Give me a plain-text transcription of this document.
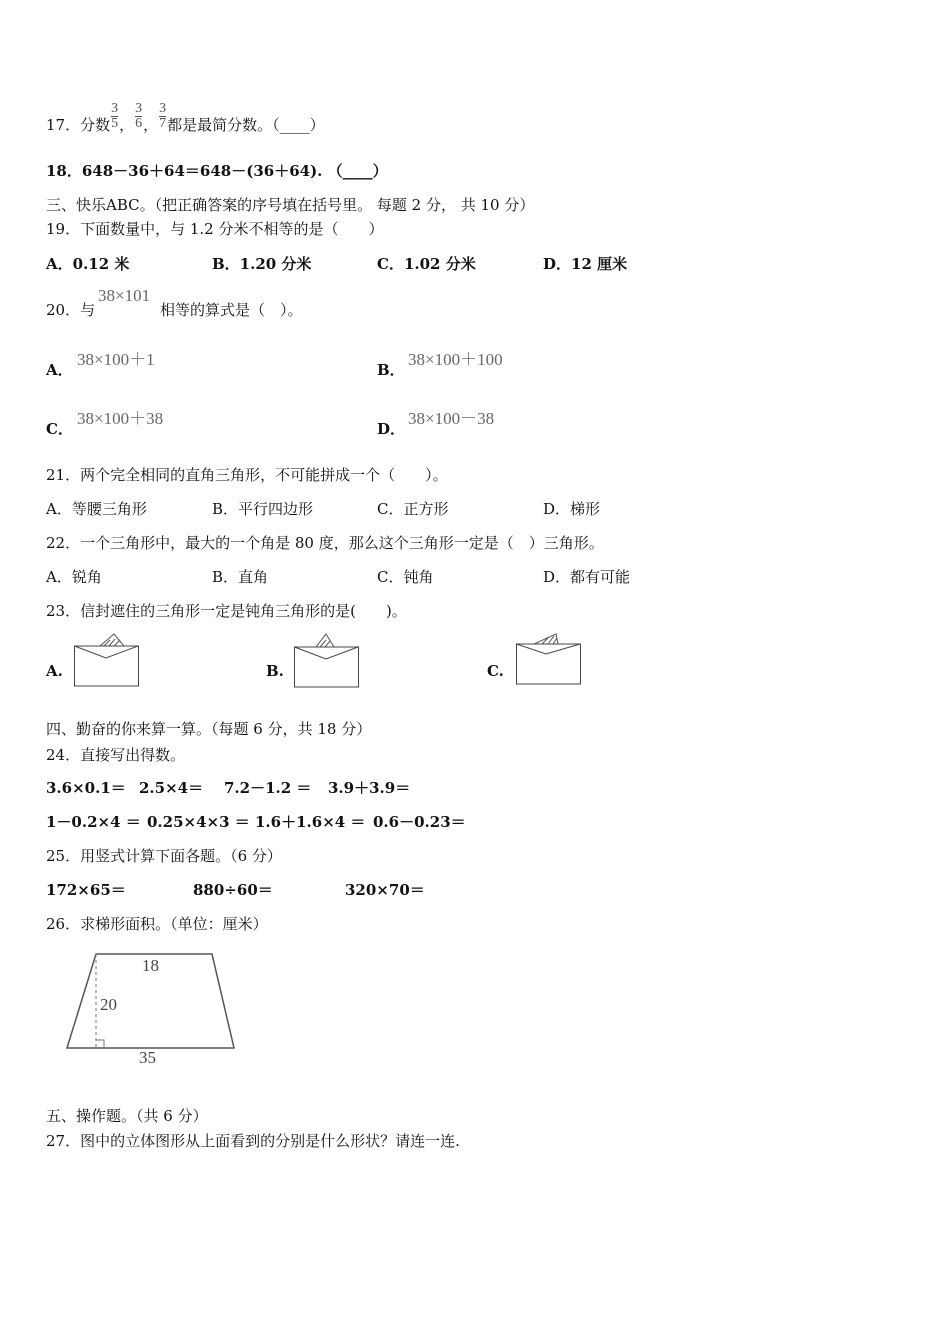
17．分数 $\frac{3}{5}$ ， $\frac{3}{6}$ ， $\frac{3}{7}$ 都是最简分数。（____）
18．648－36＋64＝648－(36＋64). （____）
三、快乐ABC。（把正确答案的序号填在括号里。 每题 2 分， 共 10 分）
19．下面数量中，与 1.2 分米不相等的是（　　）
A．0.12 米	B．1.20 分米	C．1.02 分米	D．12 厘米
20．与
38×101
相等的算式是（　）。
A．
38×100＋1
B．
38×100＋100
C．
38×100＋38
D．
38×100－38
21．两个完全相同的直角三角形，不可能拼成一个（　　）。
A．等腰三角形	B．平行四边形	C．正方形	D．梯形
22．一个三角形中，最大的一个角是 80 度，那么这个三角形一定是（　）三角形。
A．锐角	B．直角	C．钝角	D．都有可能
23．信封遮住的三角形一定是钝角三角形的是(　　)。
A.	B.	C.
四、勤奋的你来算一算。（每题 6 分，共 18 分）
24．直接写出得数。
3.6×0.1＝ 2.5×4＝ 7.2－1.2 ＝ 3.9＋3.9＝
1－0.2×4 ＝ 0.25×4×3 ＝ 1.6＋1.6×4 ＝ 0.6－0.23＝
25．用竖式计算下面各题。（6 分）
172×65＝	880÷60＝	320×70＝
26．求梯形面积。（单位：厘米）
18
20
35
五、操作题。（共 6 分）
27．图中的立体图形从上面看到的分别是什么形状？请连一连.
